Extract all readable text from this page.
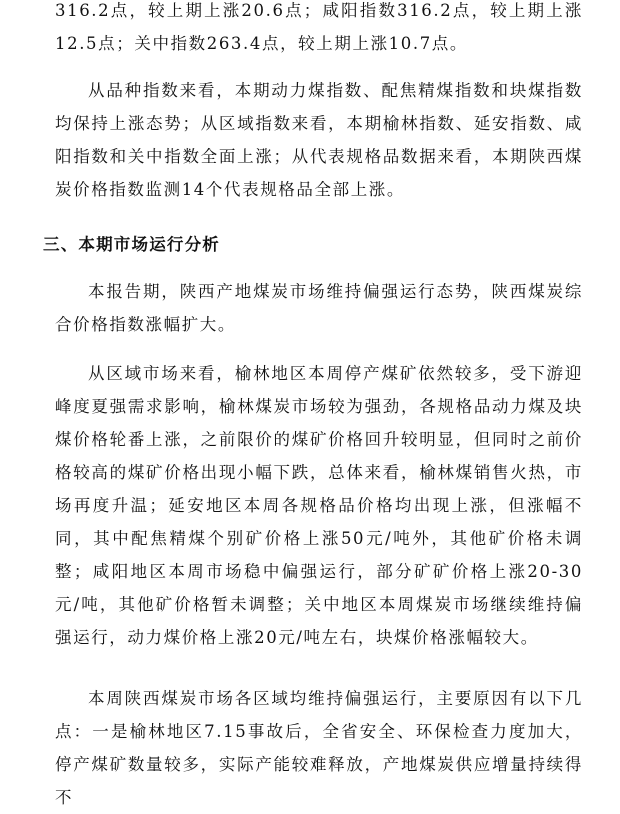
316.2点，较上期上涨20.6点；咸阳指数316.2点，较上期上涨12.5点；关中指数263.4点，较上期上涨10.7点。

从品种指数来看，本期动力煤指数、配焦精煤指数和块煤指数均保持上涨态势；从区域指数来看，本期榆林指数、延安指数、咸阳指数和关中指数全面上涨；从代表规格品数据来看，本期陕西煤炭价格指数监测14个代表规格品全部上涨。

三、本期市场运行分析

本报告期，陕西产地煤炭市场维持偏强运行态势，陕西煤炭综合价格指数涨幅扩大。

从区域市场来看，榆林地区本周停产煤矿依然较多，受下游迎峰度夏强需求影响，榆林煤炭市场较为强劲，各规格品动力煤及块煤价格轮番上涨，之前限价的煤矿价格回升较明显，但同时之前价格较高的煤矿价格出现小幅下跌，总体来看，榆林煤销售火热，市场再度升温；延安地区本周各规格品价格均出现上涨，但涨幅不同，其中配焦精煤个别矿价格上涨50元/吨外，其他矿价格未调整；咸阳地区本周市场稳中偏强运行，部分矿矿价格上涨20-30元/吨，其他矿价格暂未调整；关中地区本周煤炭市场继续维持偏强运行，动力煤价格上涨20元/吨左右，块煤价格涨幅较大。

本周陕西煤炭市场各区域均维持偏强运行，主要原因有以下几点：一是榆林地区7.15事故后，全省安全、环保检查力度加大，停产煤矿数量较多，实际产能较难释放，产地煤炭供应增量持续得不
